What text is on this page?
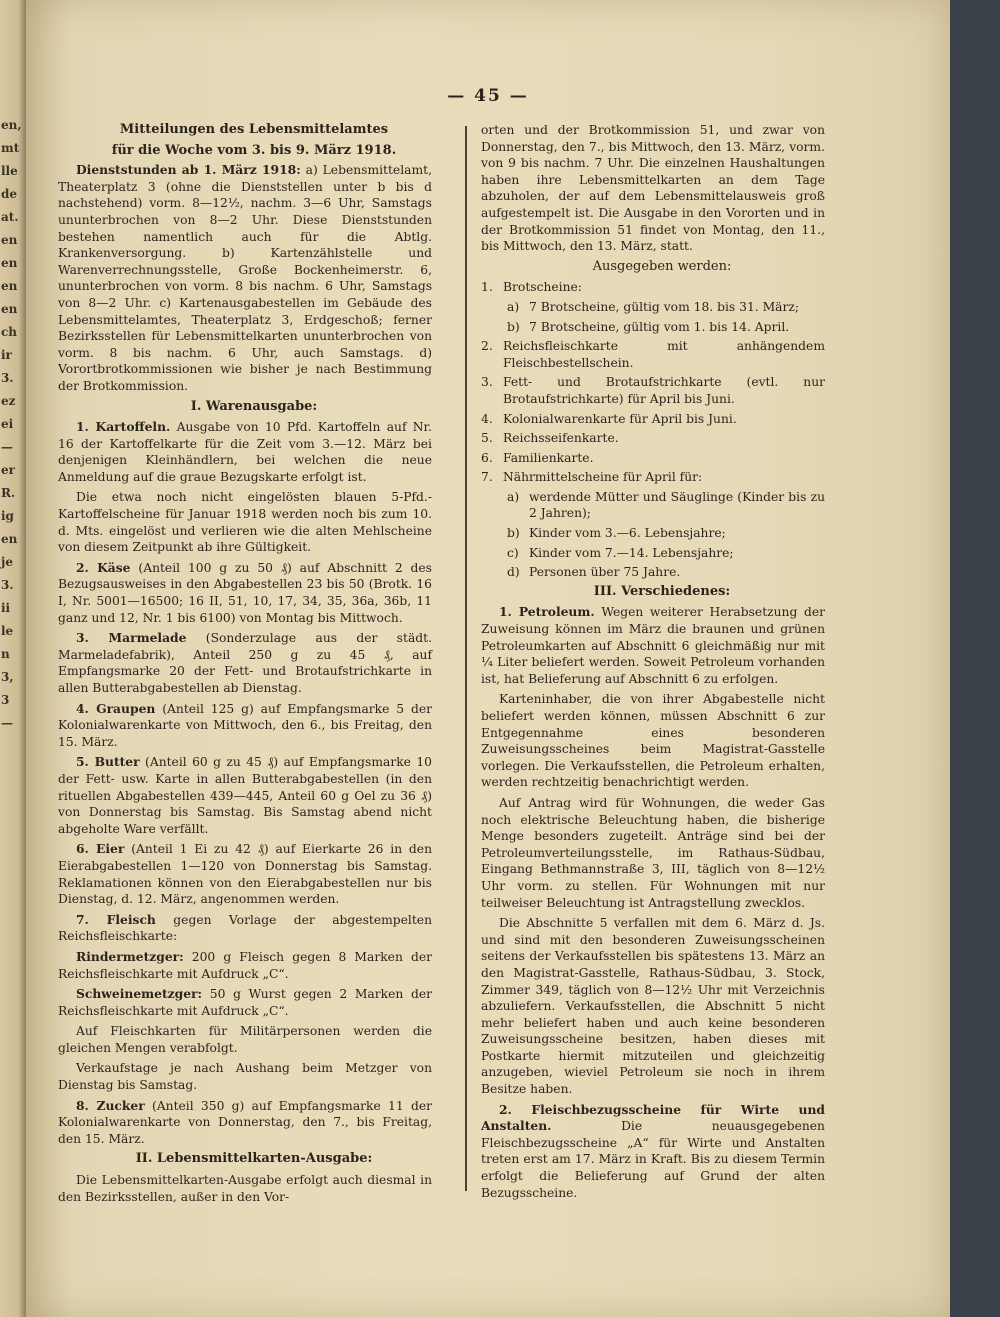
en,
mt
lle
de
at.
en
en
en
en
ch
ir
3.
ez
ei
—
er
R.
ig
en
je
3.
ii
le
n
3,
3
—
— 45 —

Mitteilungen des Lebensmittelamtes

für die Woche vom 3. bis 9. März 1918.

Dienststunden ab 1. März 1918: a) Lebensmittelamt, Theaterplatz 3 (ohne die Dienststellen unter b bis d nachstehend) vorm. 8—12½, nachm. 3—6 Uhr, Samstags ununterbrochen von 8—2 Uhr. Diese Dienststunden bestehen namentlich auch für die Abtlg. Krankenversorgung. b) Kartenzählstelle und Warenverrechnungsstelle, Große Bockenheimerstr. 6, ununterbrochen von vorm. 8 bis nachm. 6 Uhr, Samstags von 8—2 Uhr. c) Kartenausgabestellen im Gebäude des Lebensmittelamtes, Theaterplatz 3, Erdgeschoß; ferner Bezirksstellen für Lebensmittelkarten ununterbrochen von vorm. 8 bis nachm. 6 Uhr, auch Samstags. d) Vorortbrotkommissionen wie bisher je nach Bestimmung der Brotkommission.

I. Warenausgabe:

1. Kartoffeln. Ausgabe von 10 Pfd. Kartoffeln auf Nr. 16 der Kartoffelkarte für die Zeit vom 3.—12. März bei denjenigen Kleinhändlern, bei welchen die neue Anmeldung auf die graue Bezugskarte erfolgt ist.

Die etwa noch nicht eingelösten blauen 5-Pfd.-Kartoffelscheine für Januar 1918 werden noch bis zum 10. d. Mts. eingelöst und verlieren wie die alten Mehlscheine von diesem Zeitpunkt ab ihre Gültigkeit.

2. Käse (Anteil 100 g zu 50 ₰) auf Abschnitt 2 des Bezugsausweises in den Abgabestellen 23 bis 50 (Brotk. 16 I, Nr. 5001—16500; 16 II, 51, 10, 17, 34, 35, 36a, 36b, 11 ganz und 12, Nr. 1 bis 6100) von Montag bis Mittwoch.

3. Marmelade (Sonderzulage aus der städt. Marmeladefabrik), Anteil 250 g zu 45 ₰, auf Empfangsmarke 20 der Fett- und Brotaufstrichkarte in allen Butterabgabestellen ab Dienstag.

4. Graupen (Anteil 125 g) auf Empfangsmarke 5 der Kolonialwarenkarte von Mittwoch, den 6., bis Freitag, den 15. März.

5. Butter (Anteil 60 g zu 45 ₰) auf Empfangsmarke 10 der Fett- usw. Karte in allen Butterabgabestellen (in den rituellen Abgabestellen 439—445, Anteil 60 g Oel zu 36 ₰) von Donnerstag bis Samstag. Bis Samstag abend nicht abgeholte Ware verfällt.

6. Eier (Anteil 1 Ei zu 42 ₰) auf Eierkarte 26 in den Eierabgabestellen 1—120 von Donnerstag bis Samstag. Reklamationen können von den Eierabgabestellen nur bis Dienstag, d. 12. März, angenommen werden.

7. Fleisch gegen Vorlage der abgestempelten Reichsfleischkarte:

Rindermetzger: 200 g Fleisch gegen 8 Marken der Reichsfleischkarte mit Aufdruck „C“.

Schweinemetzger: 50 g Wurst gegen 2 Marken der Reichsfleischkarte mit Aufdruck „C“.

Auf Fleischkarten für Militärpersonen werden die gleichen Mengen verabfolgt.

Verkaufstage je nach Aushang beim Metzger von Dienstag bis Samstag.

8. Zucker (Anteil 350 g) auf Empfangsmarke 11 der Kolonialwarenkarte von Donnerstag, den 7., bis Freitag, den 15. März.

II. Lebensmittelkarten-Ausgabe:

Die Lebensmittelkarten-Ausgabe erfolgt auch diesmal in den Bezirksstellen, außer in den Vor-

orten und der Brotkommission 51, und zwar von Donnerstag, den 7., bis Mittwoch, den 13. März, vorm. von 9 bis nachm. 7 Uhr. Die einzelnen Haushaltungen haben ihre Lebensmittelkarten an dem Tage abzuholen, der auf dem Lebensmittelausweis groß aufgestempelt ist. Die Ausgabe in den Vororten und in der Brotkommission 51 findet von Montag, den 11., bis Mittwoch, den 13. März, statt.

Ausgegeben werden:

1. Brotscheine:
a) 7 Brotscheine, gültig vom 18. bis 31. März;
b) 7 Brotscheine, gültig vom 1. bis 14. April.
2. Reichsfleischkarte mit anhängendem Fleischbestellschein.
3. Fett- und Brotaufstrichkarte (evtl. nur Brotaufstrichkarte) für April bis Juni.
4. Kolonialwarenkarte für April bis Juni.
5. Reichsseifenkarte.
6. Familienkarte.
7. Nährmittelscheine für April für:
a) werdende Mütter und Säuglinge (Kinder bis zu 2 Jahren);
b) Kinder vom 3.—6. Lebensjahre;
c) Kinder vom 7.—14. Lebensjahre;
d) Personen über 75 Jahre.

III. Verschiedenes:

1. Petroleum. Wegen weiterer Herabsetzung der Zuweisung können im März die braunen und grünen Petroleumkarten auf Abschnitt 6 gleichmäßig nur mit ¼ Liter beliefert werden. Soweit Petroleum vorhanden ist, hat Belieferung auf Abschnitt 6 zu erfolgen.

Karteninhaber, die von ihrer Abgabestelle nicht beliefert werden können, müssen Abschnitt 6 zur Entgegennahme eines besonderen Zuweisungsscheines beim Magistrat-Gasstelle vorlegen. Die Verkaufsstellen, die Petroleum erhalten, werden rechtzeitig benachrichtigt werden.

Auf Antrag wird für Wohnungen, die weder Gas noch elektrische Beleuchtung haben, die bisherige Menge besonders zugeteilt. Anträge sind bei der Petroleumverteilungsstelle, im Rathaus-Südbau, Eingang Bethmannstraße 3, III, täglich von 8—12½ Uhr vorm. zu stellen. Für Wohnungen mit nur teilweiser Beleuchtung ist Antragstellung zwecklos.

Die Abschnitte 5 verfallen mit dem 6. März d. Js. und sind mit den besonderen Zuweisungsscheinen seitens der Verkaufsstellen bis spätestens 13. März an den Magistrat-Gasstelle, Rathaus-Südbau, 3. Stock, Zimmer 349, täglich von 8—12½ Uhr mit Verzeichnis abzuliefern. Verkaufsstellen, die Abschnitt 5 nicht mehr beliefert haben und auch keine besonderen Zuweisungsscheine besitzen, haben dieses mit Postkarte hiermit mitzuteilen und gleichzeitig anzugeben, wieviel Petroleum sie noch in ihrem Besitze haben.

2. Fleischbezugsscheine für Wirte und Anstalten.	Die neuausgegebenen Fleischbezugsscheine „A“ für Wirte und Anstalten treten erst am 17. März in Kraft. Bis zu diesem Termin erfolgt die Belieferung auf Grund der alten Bezugsscheine.
